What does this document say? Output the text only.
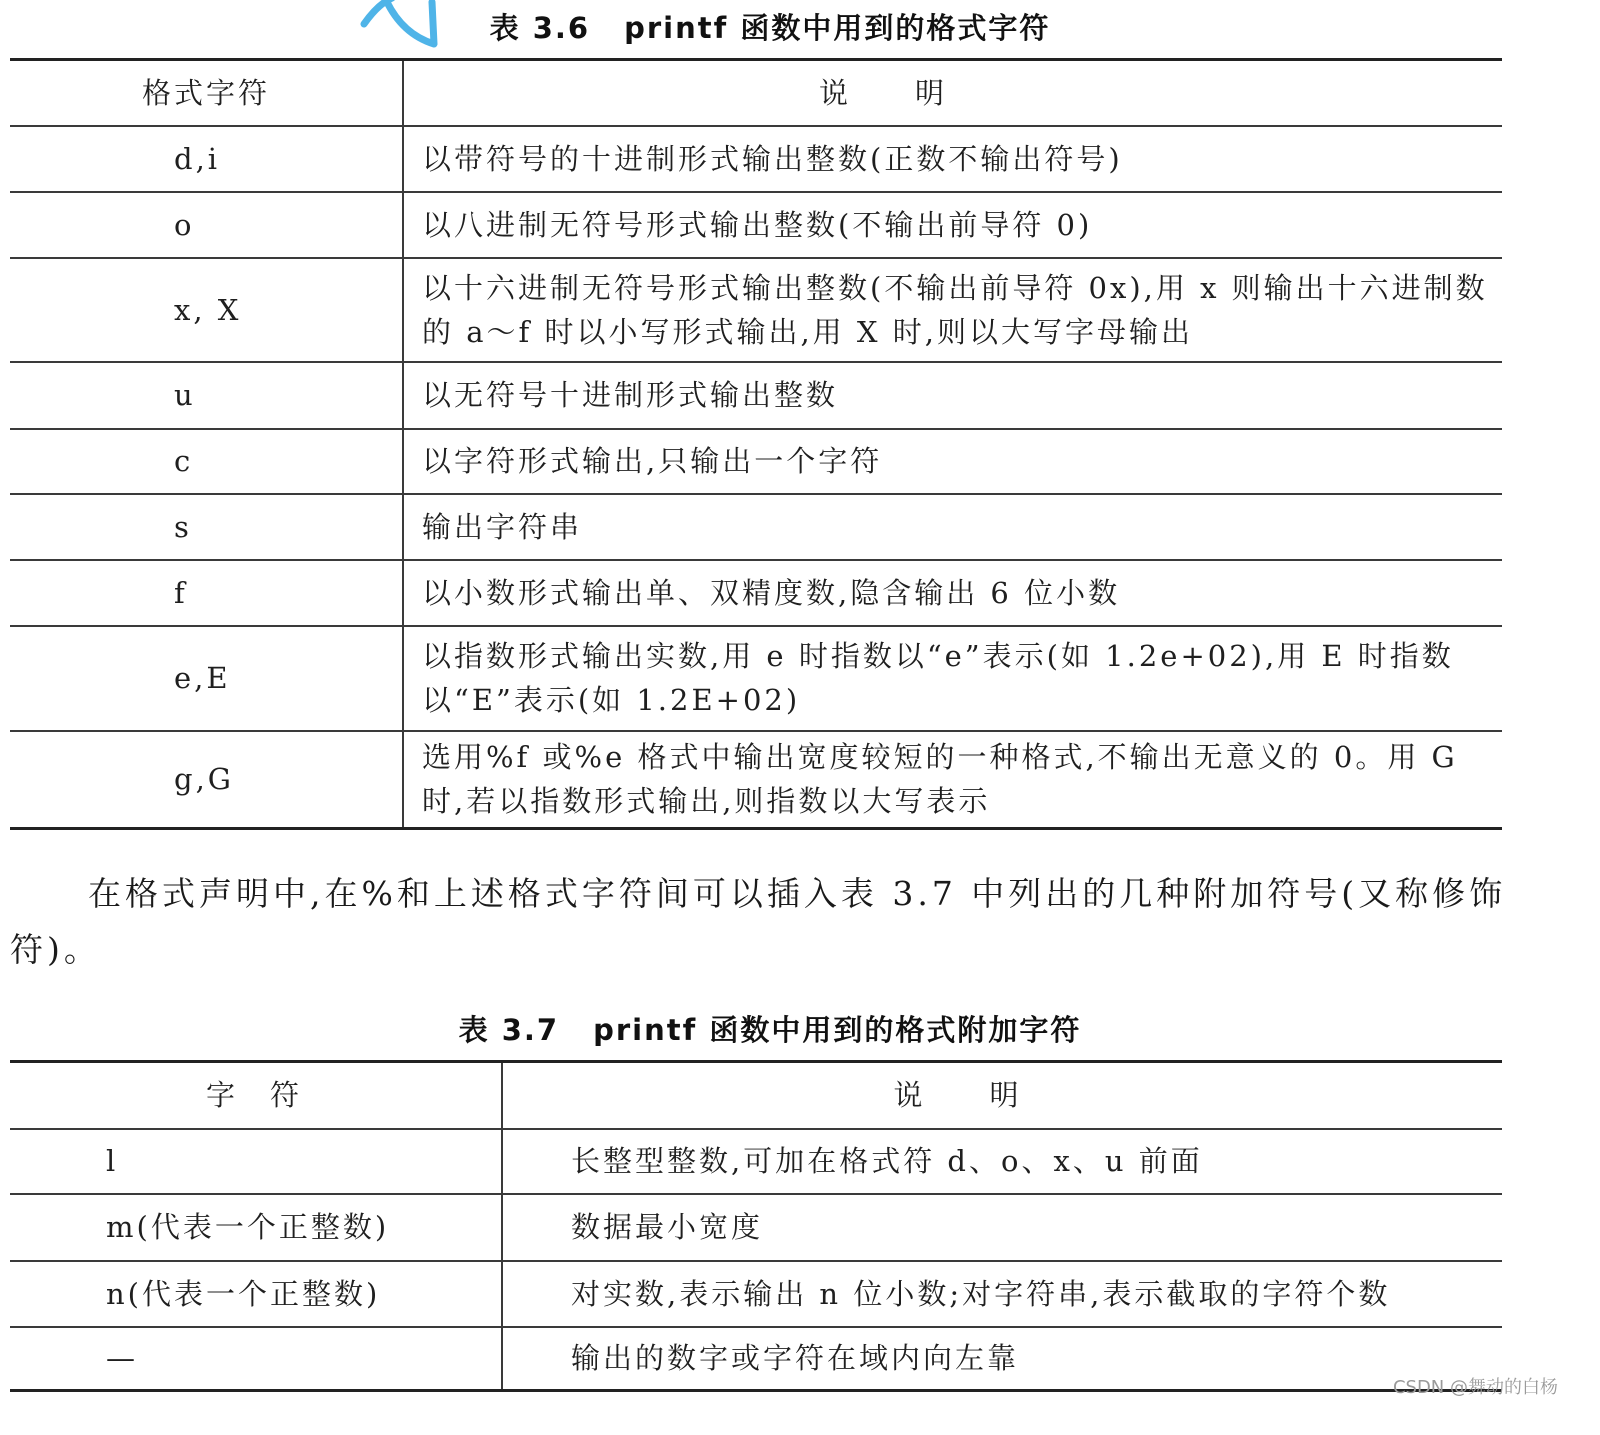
表 3.6 printf 函数中用到的格式字符
格式字符	说　　明
d,i	以带符号的十进制形式输出整数(正数不输出符号)
o	以八进制无符号形式输出整数(不输出前导符 0)
x, X	以十六进制无符号形式输出整数(不输出前导符 0x),用 x 则输出十六进制数的 a～f 时以小写形式输出,用 X 时,则以大写字母输出
u	以无符号十进制形式输出整数
c	以字符形式输出,只输出一个字符
s	输出字符串
f	以小数形式输出单、双精度数,隐含输出 6 位小数
e,E	以指数形式输出实数,用 e 时指数以“e”表示(如 1.2e+02),用 E 时指数以“E”表示(如 1.2E+02)
g,G	选用%f 或%e 格式中输出宽度较短的一种格式,不输出无意义的 0。用 G 时,若以指数形式输出,则指数以大写表示
在格式声明中,在%和上述格式字符间可以插入表 3.7 中列出的几种附加符号(又称修饰符)。
表 3.7 printf 函数中用到的格式附加字符
字　符	说　　明
l	长整型整数,可加在格式符 d、o、x、u 前面
m(代表一个正整数)	数据最小宽度
n(代表一个正整数)	对实数,表示输出 n 位小数;对字符串,表示截取的字符个数
—	输出的数字或字符在域内向左靠
CSDN @舞动的白杨
